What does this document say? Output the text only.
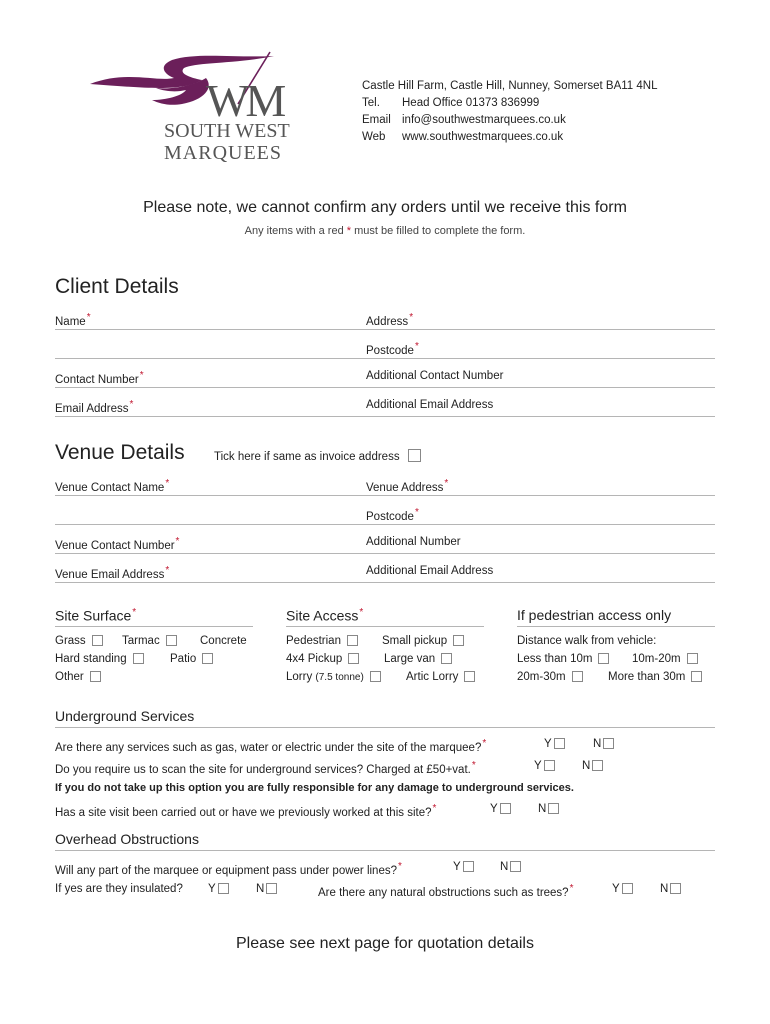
WM
SOUTH WEST
MARQUEES
Castle Hill Farm, Castle Hill, Nunney, Somerset BA11 4NL
Tel. Head Office 01373 836999
Email info@southwestmarquees.co.uk
Web www.southwestmarquees.co.uk
Please note, we cannot confirm any orders until we receive this form
Any items with a red * must be filled to complete the form.
Client Details
Name*	Address*
Postcode*
Contact Number*	Additional Contact Number
Email Address*	Additional Email Address
Venue Details	Tick here if same as invoice address
Venue Contact Name*	Venue Address*
Postcode*
Venue Contact Number*	Additional Number
Venue Email Address*	Additional Email Address
Site Surface*
Grass	Tarmac	Concrete
Hard standing	Patio
Other
Site Access*
Pedestrian	Small pickup
4x4 Pickup	Large van
Lorry (7.5 tonne)	Artic Lorry
If pedestrian access only
Distance walk from vehicle:
Less than 10m	10m-20m
20m-30m	More than 30m
Underground Services
Are there any services such as gas, water or electric under the site of the marquee?*	Y	N
Do you require us to scan the site for underground services? Charged at £50+vat.*	Y	N
If you do not take up this option you are fully responsible for any damage to underground services.
Has a site visit been carried out or have we previously worked at this site?*	Y	N
Overhead Obstructions
Will any part of the marquee or equipment pass under power lines?*	Y	N
If yes are they insulated? Y	N	Are there any natural obstructions such as trees?*	Y	N
Please see next page for quotation details
